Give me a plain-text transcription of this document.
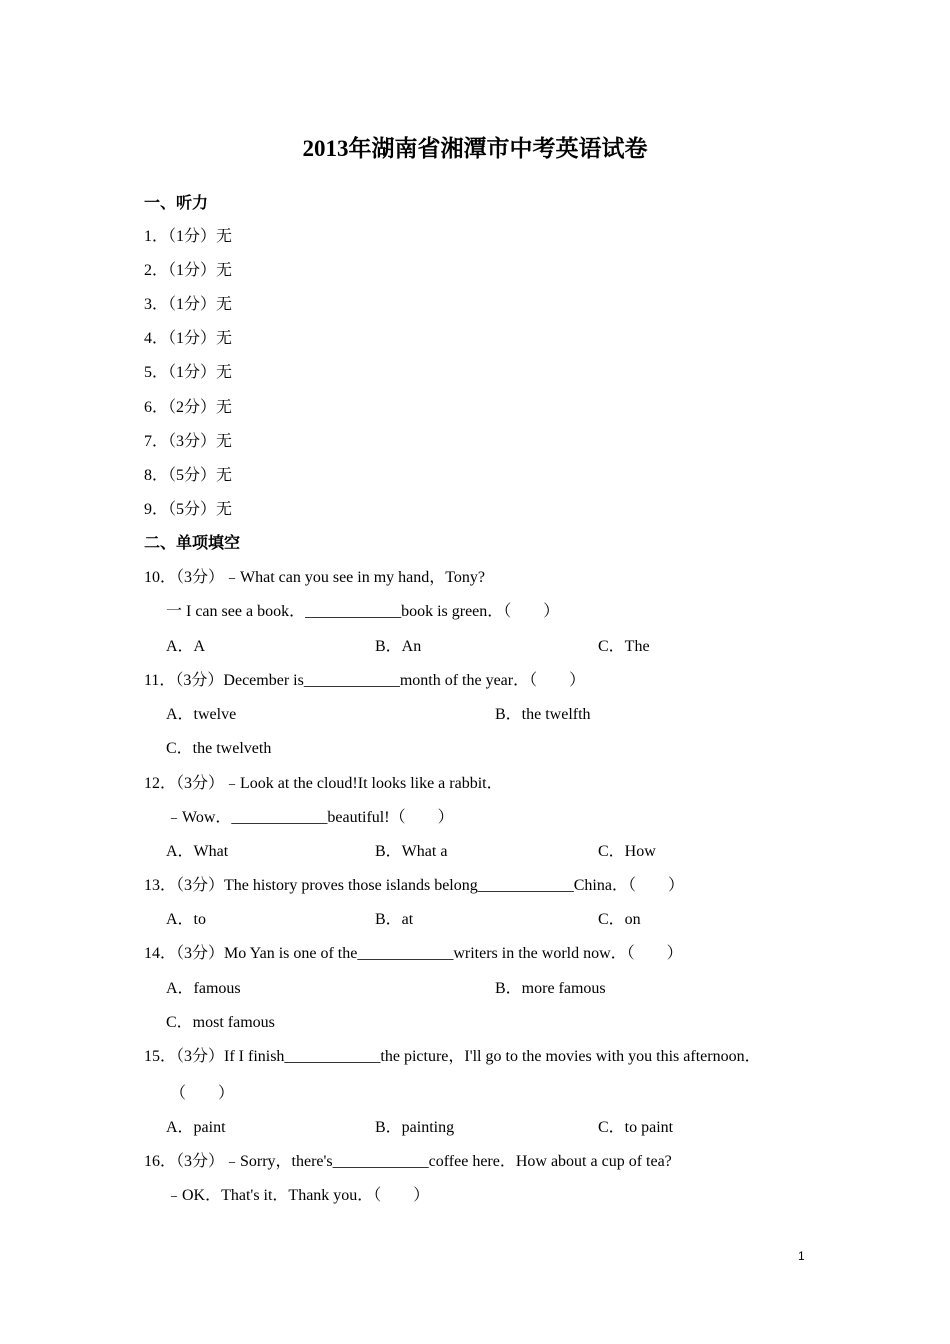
2013年湖南省湘潭市中考英语试卷
一、听力
1．（1分）无
2．（1分）无
3．（1分）无
4．（1分）无
5．（1分）无
6．（2分）无
7．（3分）无
8．（5分）无
9．（5分）无
二、单项填空
10．（3分）﹣What can you see in my hand，Tony?
一 I can see a book．____________book is green．（　　）
A．A	B．An	C．The
11．（3分）December is____________month of the year．（　　）
A．twelve	B．the twelfth
C．the twelveth
12．（3分）﹣Look at the cloud!It looks like a rabbit．
﹣Wow．____________beautiful!（　　）
A．What	B．What a	C．How
13．（3分）The history proves those islands belong____________China．（　　）
A．to	B．at	C．on
14．（3分）Mo Yan is one of the____________writers in the world now．（　　）
A．famous	B．more famous
C．most famous
15．（3分）If I finish____________the picture，I'll go to the movies with you this afternoon．
（　　）
A．paint	B．painting	C．to paint
16．（3分）﹣Sorry，there's____________coffee here．How about a cup of tea?
﹣OK．That's it．Thank you．（　　）
1
